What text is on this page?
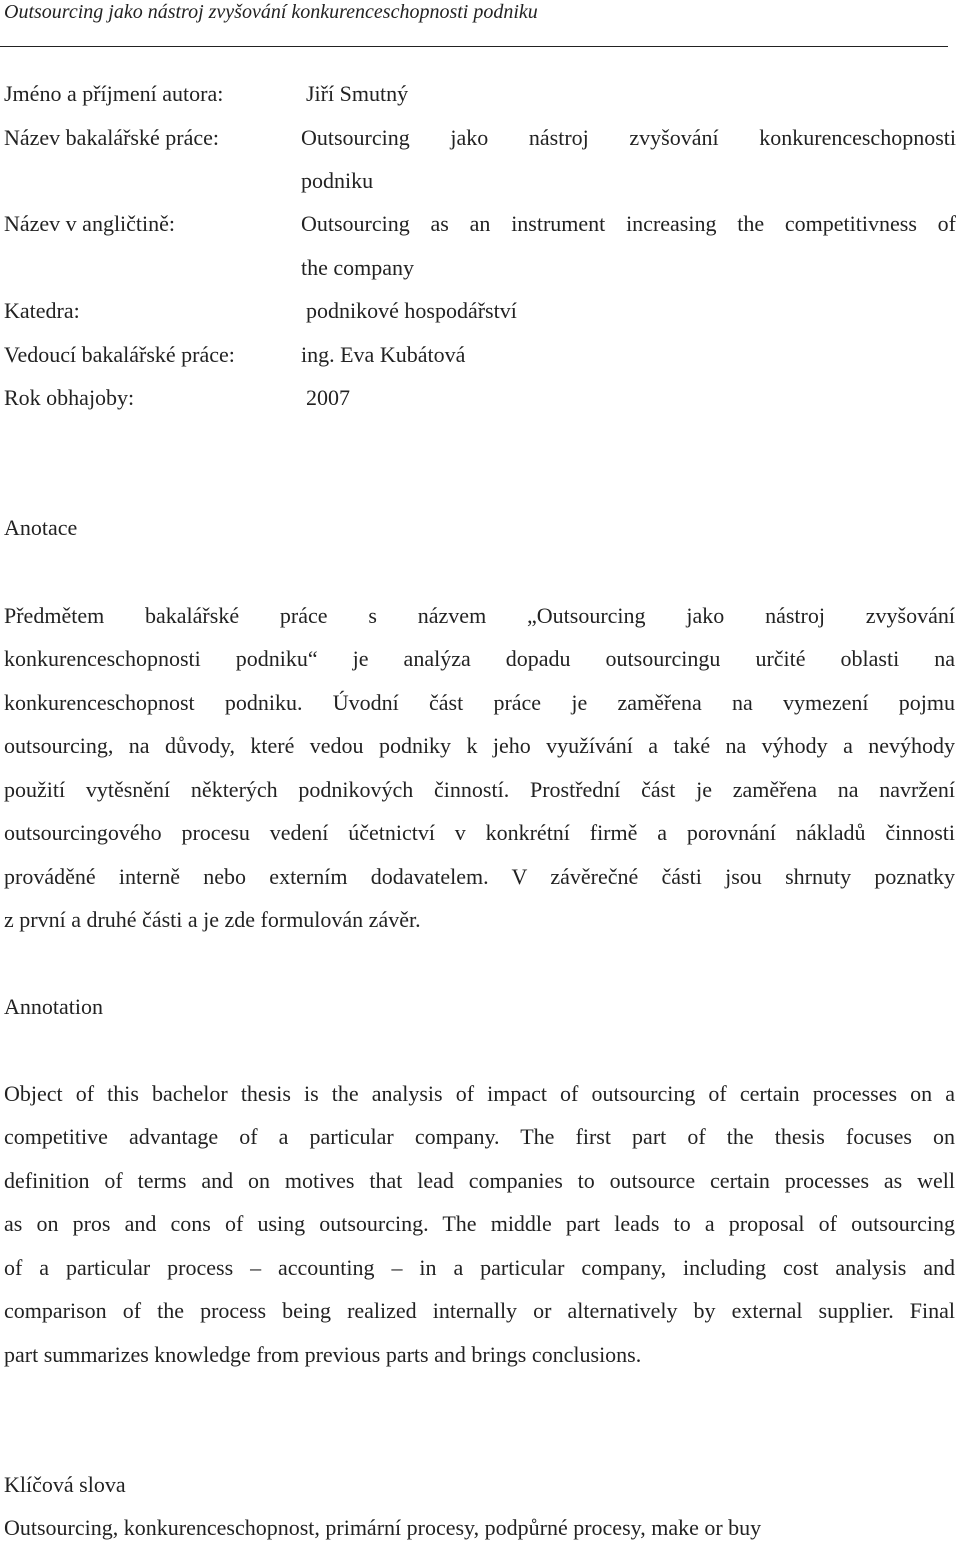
Outsourcing jako nástroj zvyšování konkurenceschopnosti podniku
Jméno a příjmení autora:	Jiří Smutný
Název bakalářské práce:	Outsourcing jako nástroj zvyšování konkurenceschopnosti
podniku
Název v angličtině:	Outsourcing as an instrument increasing the competitivness of
the company
Katedra:	podnikové hospodářství
Vedoucí bakalářské práce:	ing. Eva Kubátová
Rok obhajoby:	2007
Anotace
Předmětem bakalářské práce s názvem „Outsourcing jako nástroj zvyšování
konkurenceschopnosti podniku“ je analýza dopadu outsourcingu určité oblasti na
konkurenceschopnost podniku. Úvodní část práce je zaměřena na vymezení pojmu
outsourcing, na důvody, které vedou podniky k jeho využívání a také na výhody a nevýhody
použití vytěsnění některých podnikových činností. Prostřední část je zaměřena na navržení
outsourcingového procesu vedení účetnictví v konkrétní firmě a porovnání nákladů činnosti
prováděné interně nebo externím dodavatelem. V závěrečné části jsou shrnuty poznatky
z první a druhé části a je zde formulován závěr.
Annotation
Object of this bachelor thesis is the analysis of impact of outsourcing of certain processes on a
competitive advantage of a particular company. The first part of the thesis focuses on
definition of terms and on motives that lead companies to outsource certain processes as well
as on pros and cons of using outsourcing. The middle part leads to a proposal of outsourcing
of a particular process – accounting – in a particular company, including cost analysis and
comparison of the process being realized internally or alternatively by external supplier. Final
part summarizes knowledge from previous parts and brings conclusions.
Klíčová slova
Outsourcing, konkurenceschopnost, primární procesy, podpůrné procesy, make or buy
